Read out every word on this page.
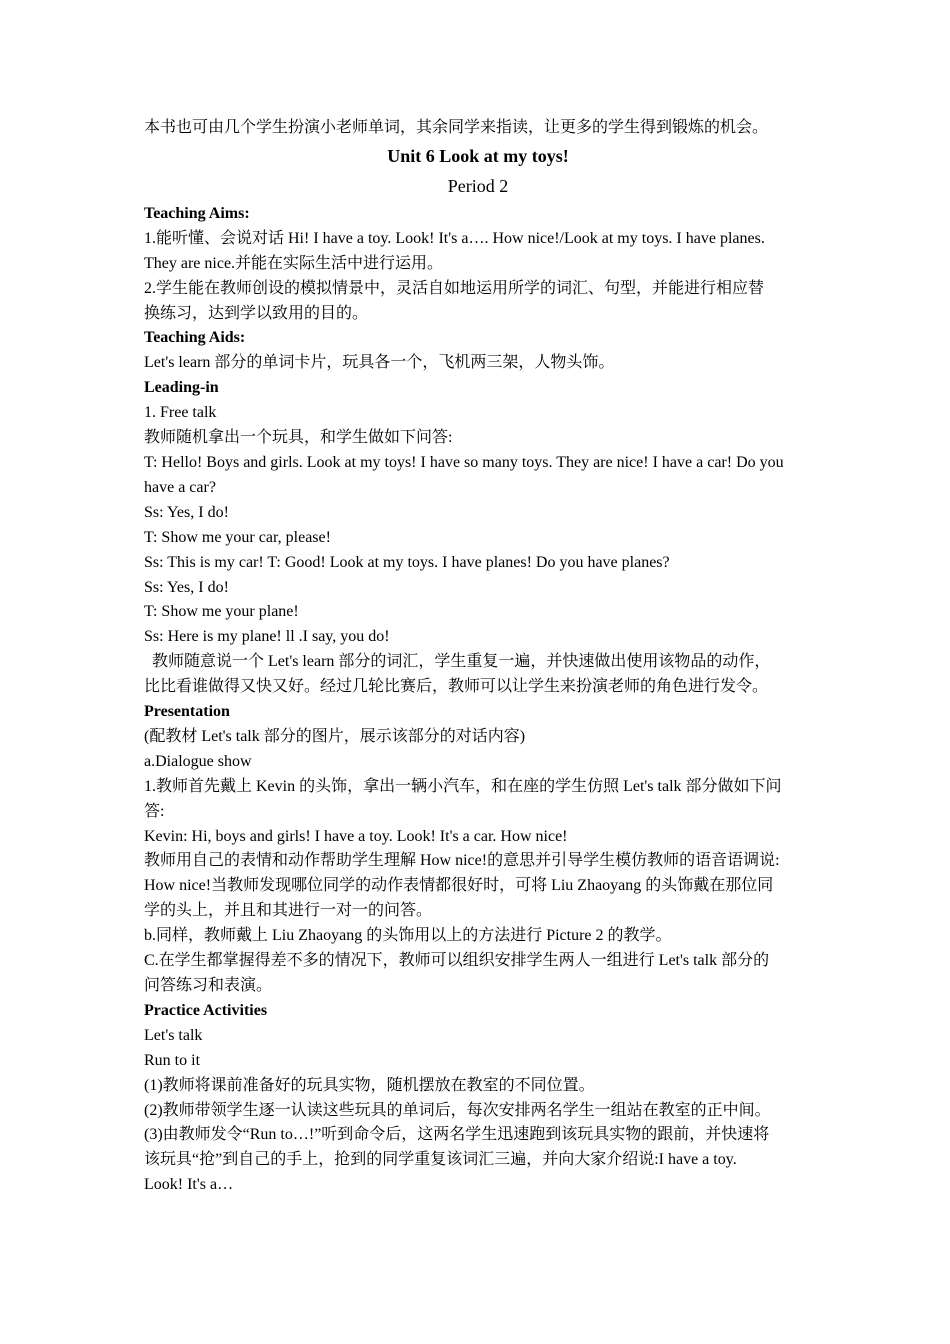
本书也可由几个学生扮演小老师单词，其余同学来指读，让更多的学生得到锻炼的机会。

Unit 6 Look at my toys!

Period 2

Teaching Aims:

1.能听懂、会说对话 Hi! I have a toy. Look! It's a…. How nice!/Look at my toys. I have planes.

They are nice.并能在实际生活中进行运用。

2.学生能在教师创设的模拟情景中，灵活自如地运用所学的词汇、句型，并能进行相应替

换练习，达到学以致用的目的。

Teaching Aids:

Let's learn 部分的单词卡片，玩具各一个，飞机两三架，人物头饰。

Leading-in

1. Free talk

教师随机拿出一个玩具，和学生做如下问答:

T: Hello! Boys and girls. Look at my toys! I have so many toys. They are nice! I have a car! Do you

have a car?

Ss: Yes, I do!

T: Show me your car, please!

Ss: This is my car! T: Good! Look at my toys. I have planes! Do you have planes?

Ss: Yes, I do!

T: Show me your plane!

Ss: Here is my plane! ll .I say, you do!

教师随意说一个 Let's learn 部分的词汇，学生重复一遍，并快速做出使用该物品的动作，

比比看谁做得又快又好。经过几轮比赛后，教师可以让学生来扮演老师的角色进行发令。

Presentation

(配教材 Let's talk 部分的图片，展示该部分的对话内容)

a.Dialogue show

1.教师首先戴上 Kevin 的头饰，拿出一辆小汽车，和在座的学生仿照 Let's talk 部分做如下问

答:

Kevin: Hi, boys and girls! I have a toy. Look! It's a car. How nice!

教师用自己的表情和动作帮助学生理解 How nice!的意思并引导学生模仿教师的语音语调说:

How nice!当教师发现哪位同学的动作表情都很好时，可将 Liu Zhaoyang 的头饰戴在那位同

学的头上，并且和其进行一对一的问答。

b.同样，教师戴上 Liu Zhaoyang 的头饰用以上的方法进行 Picture 2 的教学。

C.在学生都掌握得差不多的情况下，教师可以组织安排学生两人一组进行 Let's talk 部分的

问答练习和表演。

Practice Activities

Let's talk

Run to it

(1)教师将课前准备好的玩具实物，随机摆放在教室的不同位置。

(2)教师带领学生逐一认读这些玩具的单词后，每次安排两名学生一组站在教室的正中间。

(3)由教师发令“Run to…!”听到命令后，这两名学生迅速跑到该玩具实物的跟前，并快速将

该玩具“抢”到自己的手上，抢到的同学重复该词汇三遍，并向大家介绍说:I have a toy.

Look! It's a…
